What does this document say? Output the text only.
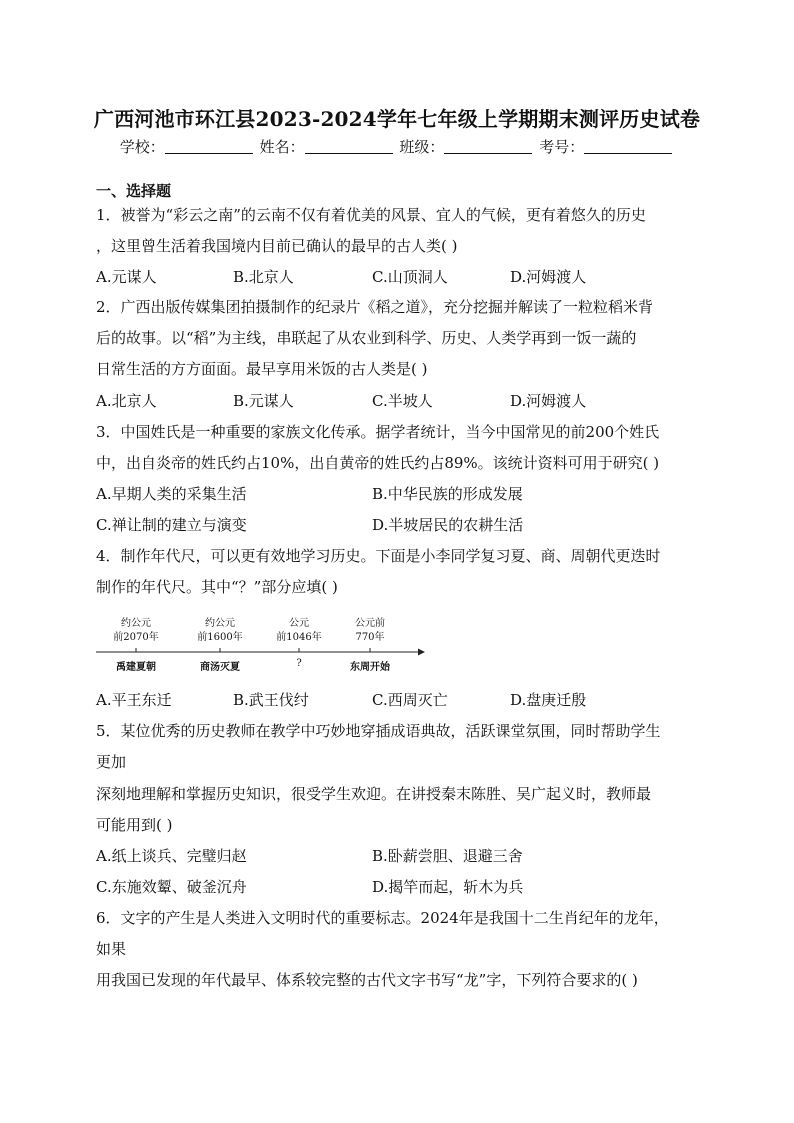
广西河池市环江县2023-2024学年七年级上学期期末测评历史试卷
学校：	姓名：	班级：	考号：
一、选择题
1．被誉为“彩云之南”的云南不仅有着优美的风景、宜人的气候，更有着悠久的历史
，这里曾生活着我国境内目前已确认的最早的古人类( )
A.元谋人	B.北京人	C.山顶洞人	D.河姆渡人
2．广西出版传媒集团拍摄制作的纪录片《稻之道》，充分挖掘并解读了一粒粒稻米背
后的故事。以“稻”为主线，串联起了从农业到科学、历史、人类学再到一饭一蔬的
日常生活的方方面面。最早享用米饭的古人类是( )
A.北京人	B.元谋人	C.半坡人	D.河姆渡人
3．中国姓氏是一种重要的家族文化传承。据学者统计，当今中国常见的前200个姓氏
中，出自炎帝的姓氏约占10%，出自黄帝的姓氏约占89%。该统计资料可用于研究( )
A.早期人类的采集生活	B.中华民族的形成发展
C.禅让制的建立与演变	D.半坡居民的农耕生活
4．制作年代尺，可以更有效地学习历史。下面是小李同学复习夏、商、周朝代更迭时
制作的年代尺。其中“？”部分应填( )
约公元
前2070年
约公元
前1600年
公元
前1046年
公元前
770年
禹建夏朝	商汤灭夏	?	东周开始
A.平王东迁	B.武王伐纣	C.西周灭亡	D.盘庚迁殷
5．某位优秀的历史教师在教学中巧妙地穿插成语典故，活跃课堂氛围，同时帮助学生
更加
深刻地理解和掌握历史知识，很受学生欢迎。在讲授秦末陈胜、吴广起义时，教师最
可能用到( )
A.纸上谈兵、完璧归赵	B.卧薪尝胆、退避三舍
C.东施效颦、破釜沉舟	D.揭竿而起，斩木为兵
6．文字的产生是人类进入文明时代的重要标志。2024年是我国十二生肖纪年的龙年，
如果
用我国已发现的年代最早、体系较完整的古代文字书写“龙”字，下列符合要求的( )
